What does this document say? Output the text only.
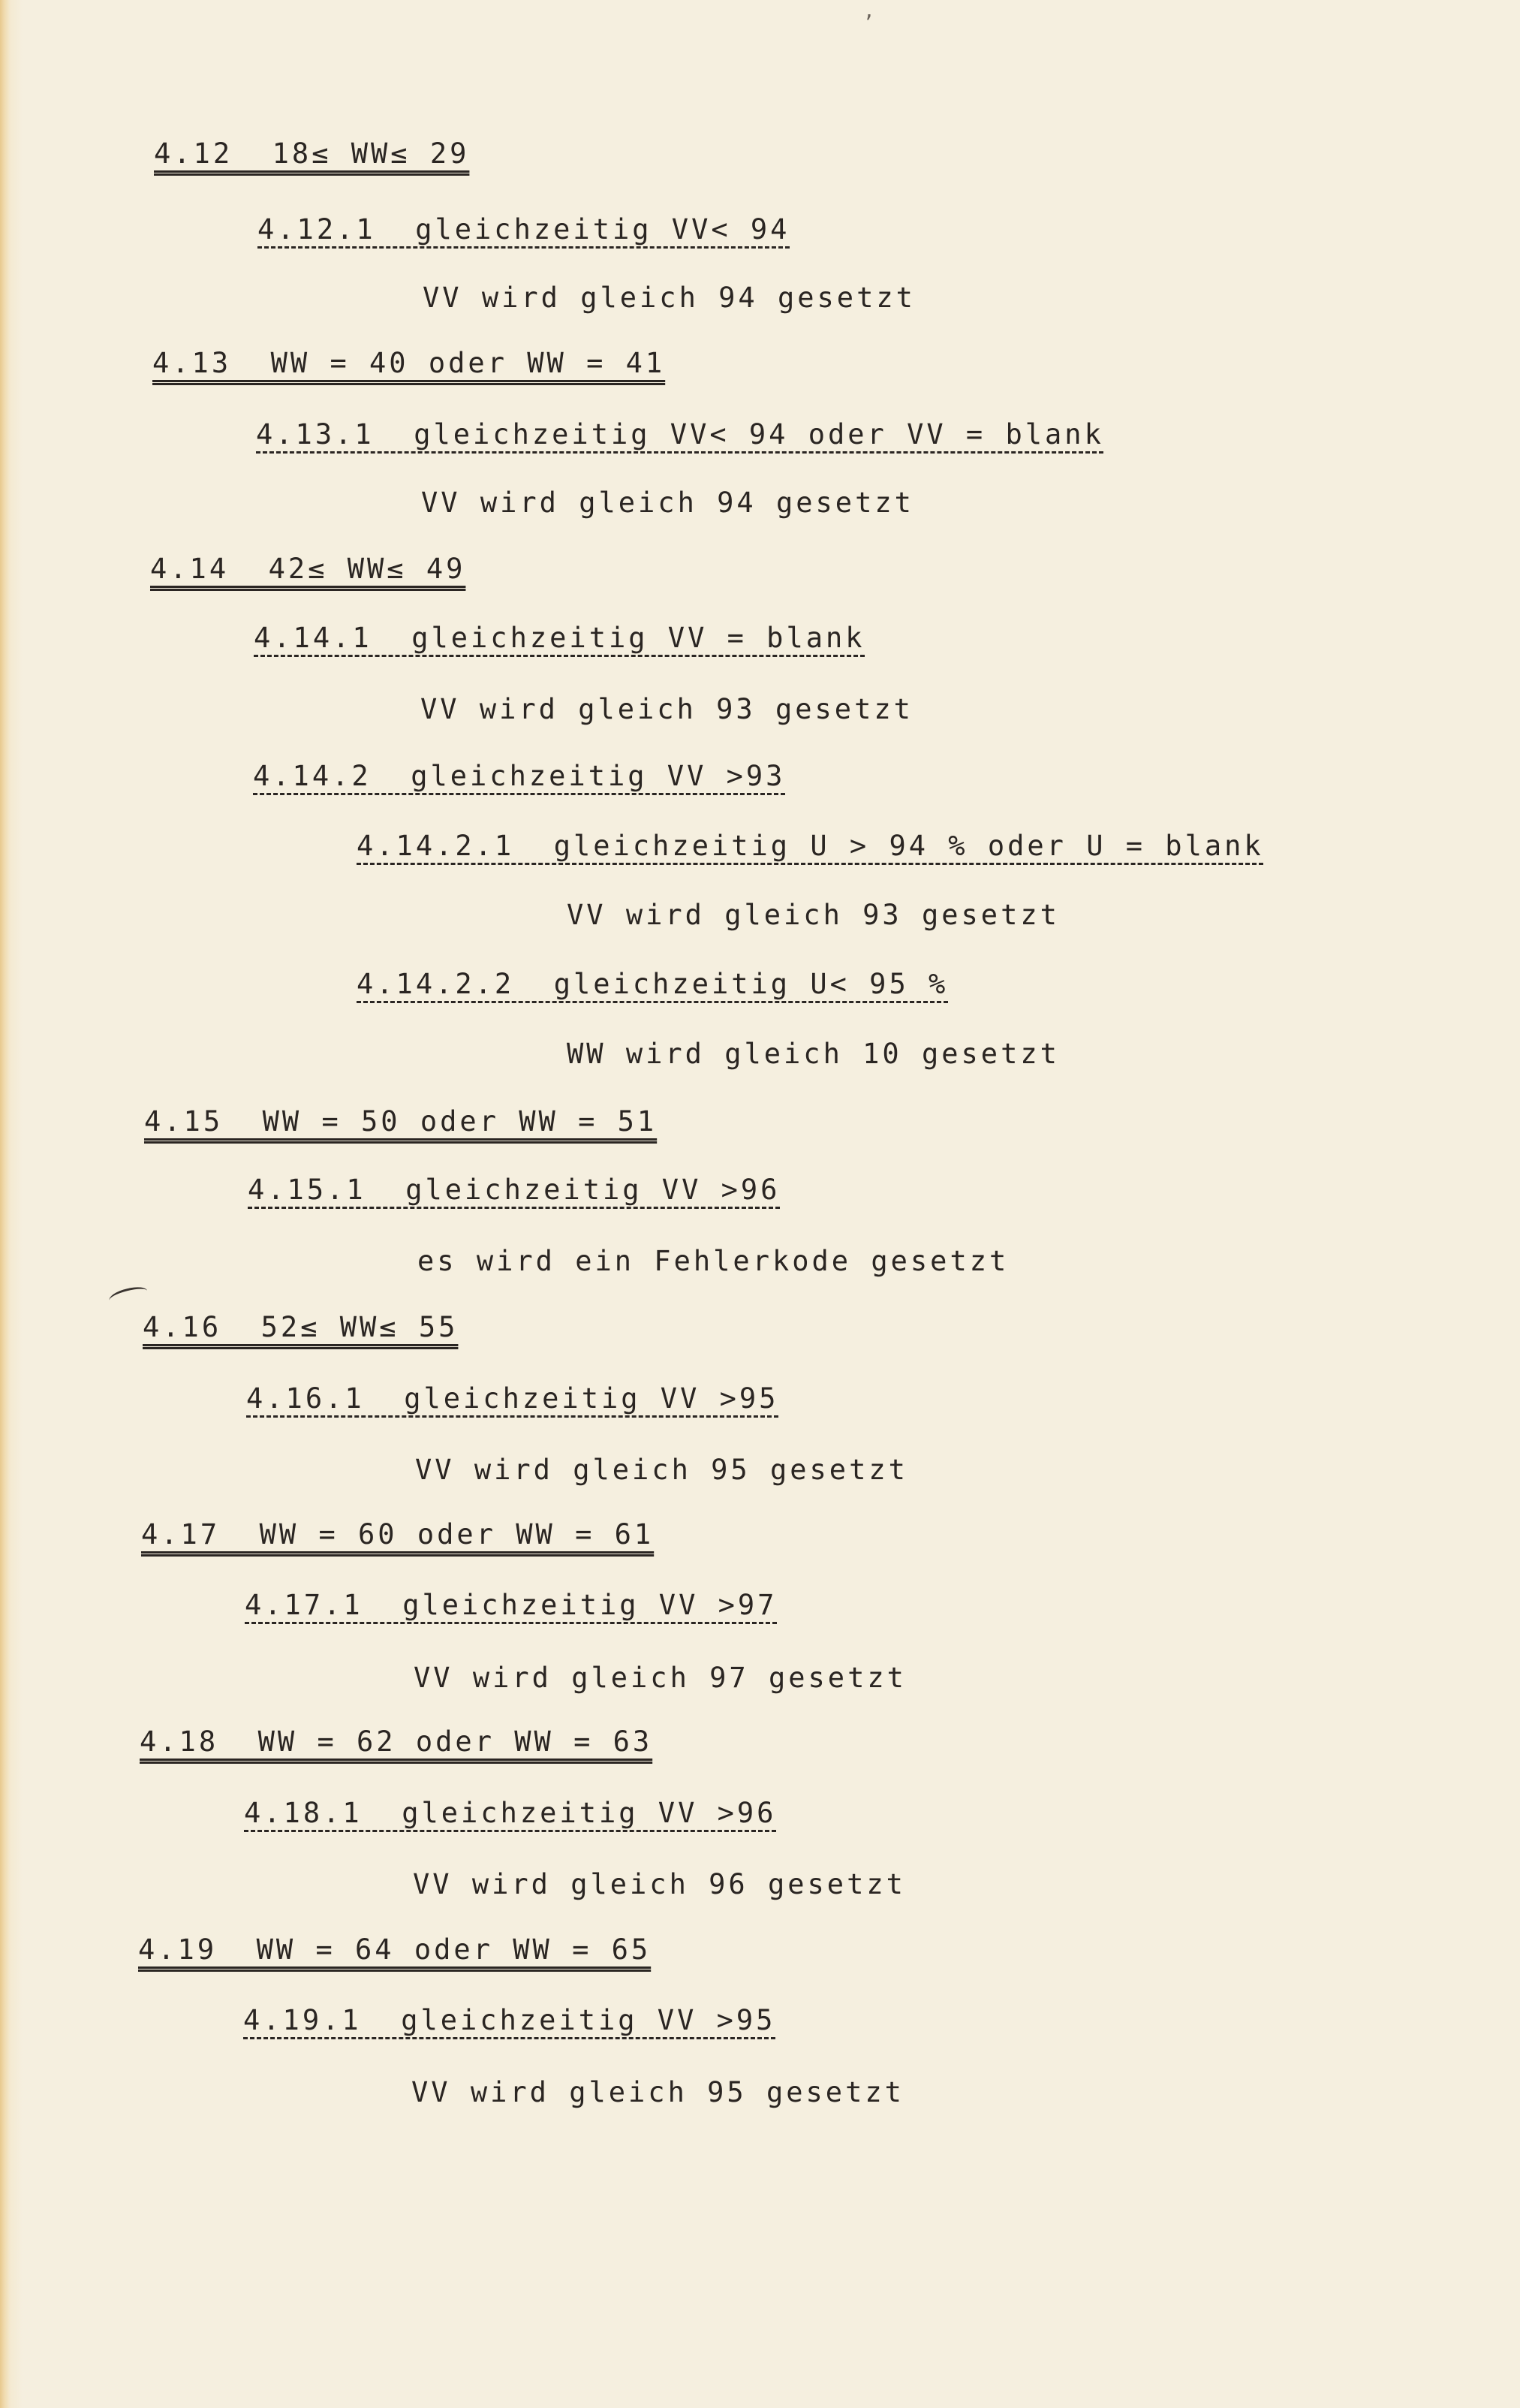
,
4.12  18≤ WW≤ 29
4.12.1  gleichzeitig VV< 94
VV wird gleich 94 gesetzt
4.13  WW = 40 oder WW = 41
4.13.1  gleichzeitig VV< 94 oder VV = blank
VV wird gleich 94 gesetzt
4.14  42≤ WW≤ 49
4.14.1  gleichzeitig VV = blank
VV wird gleich 93 gesetzt
4.14.2  gleichzeitig VV >93
4.14.2.1  gleichzeitig U > 94 % oder U = blank
VV wird gleich 93 gesetzt
4.14.2.2  gleichzeitig U< 95 %
WW wird gleich 10 gesetzt
4.15  WW = 50 oder WW = 51
4.15.1  gleichzeitig VV >96
es wird ein Fehlerkode gesetzt
4.16  52≤ WW≤ 55
4.16.1  gleichzeitig VV >95
VV wird gleich 95 gesetzt
4.17  WW = 60 oder WW = 61
4.17.1  gleichzeitig VV >97
VV wird gleich 97 gesetzt
4.18  WW = 62 oder WW = 63
4.18.1  gleichzeitig VV >96
VV wird gleich 96 gesetzt
4.19  WW = 64 oder WW = 65
4.19.1  gleichzeitig VV >95
VV wird gleich 95 gesetzt
